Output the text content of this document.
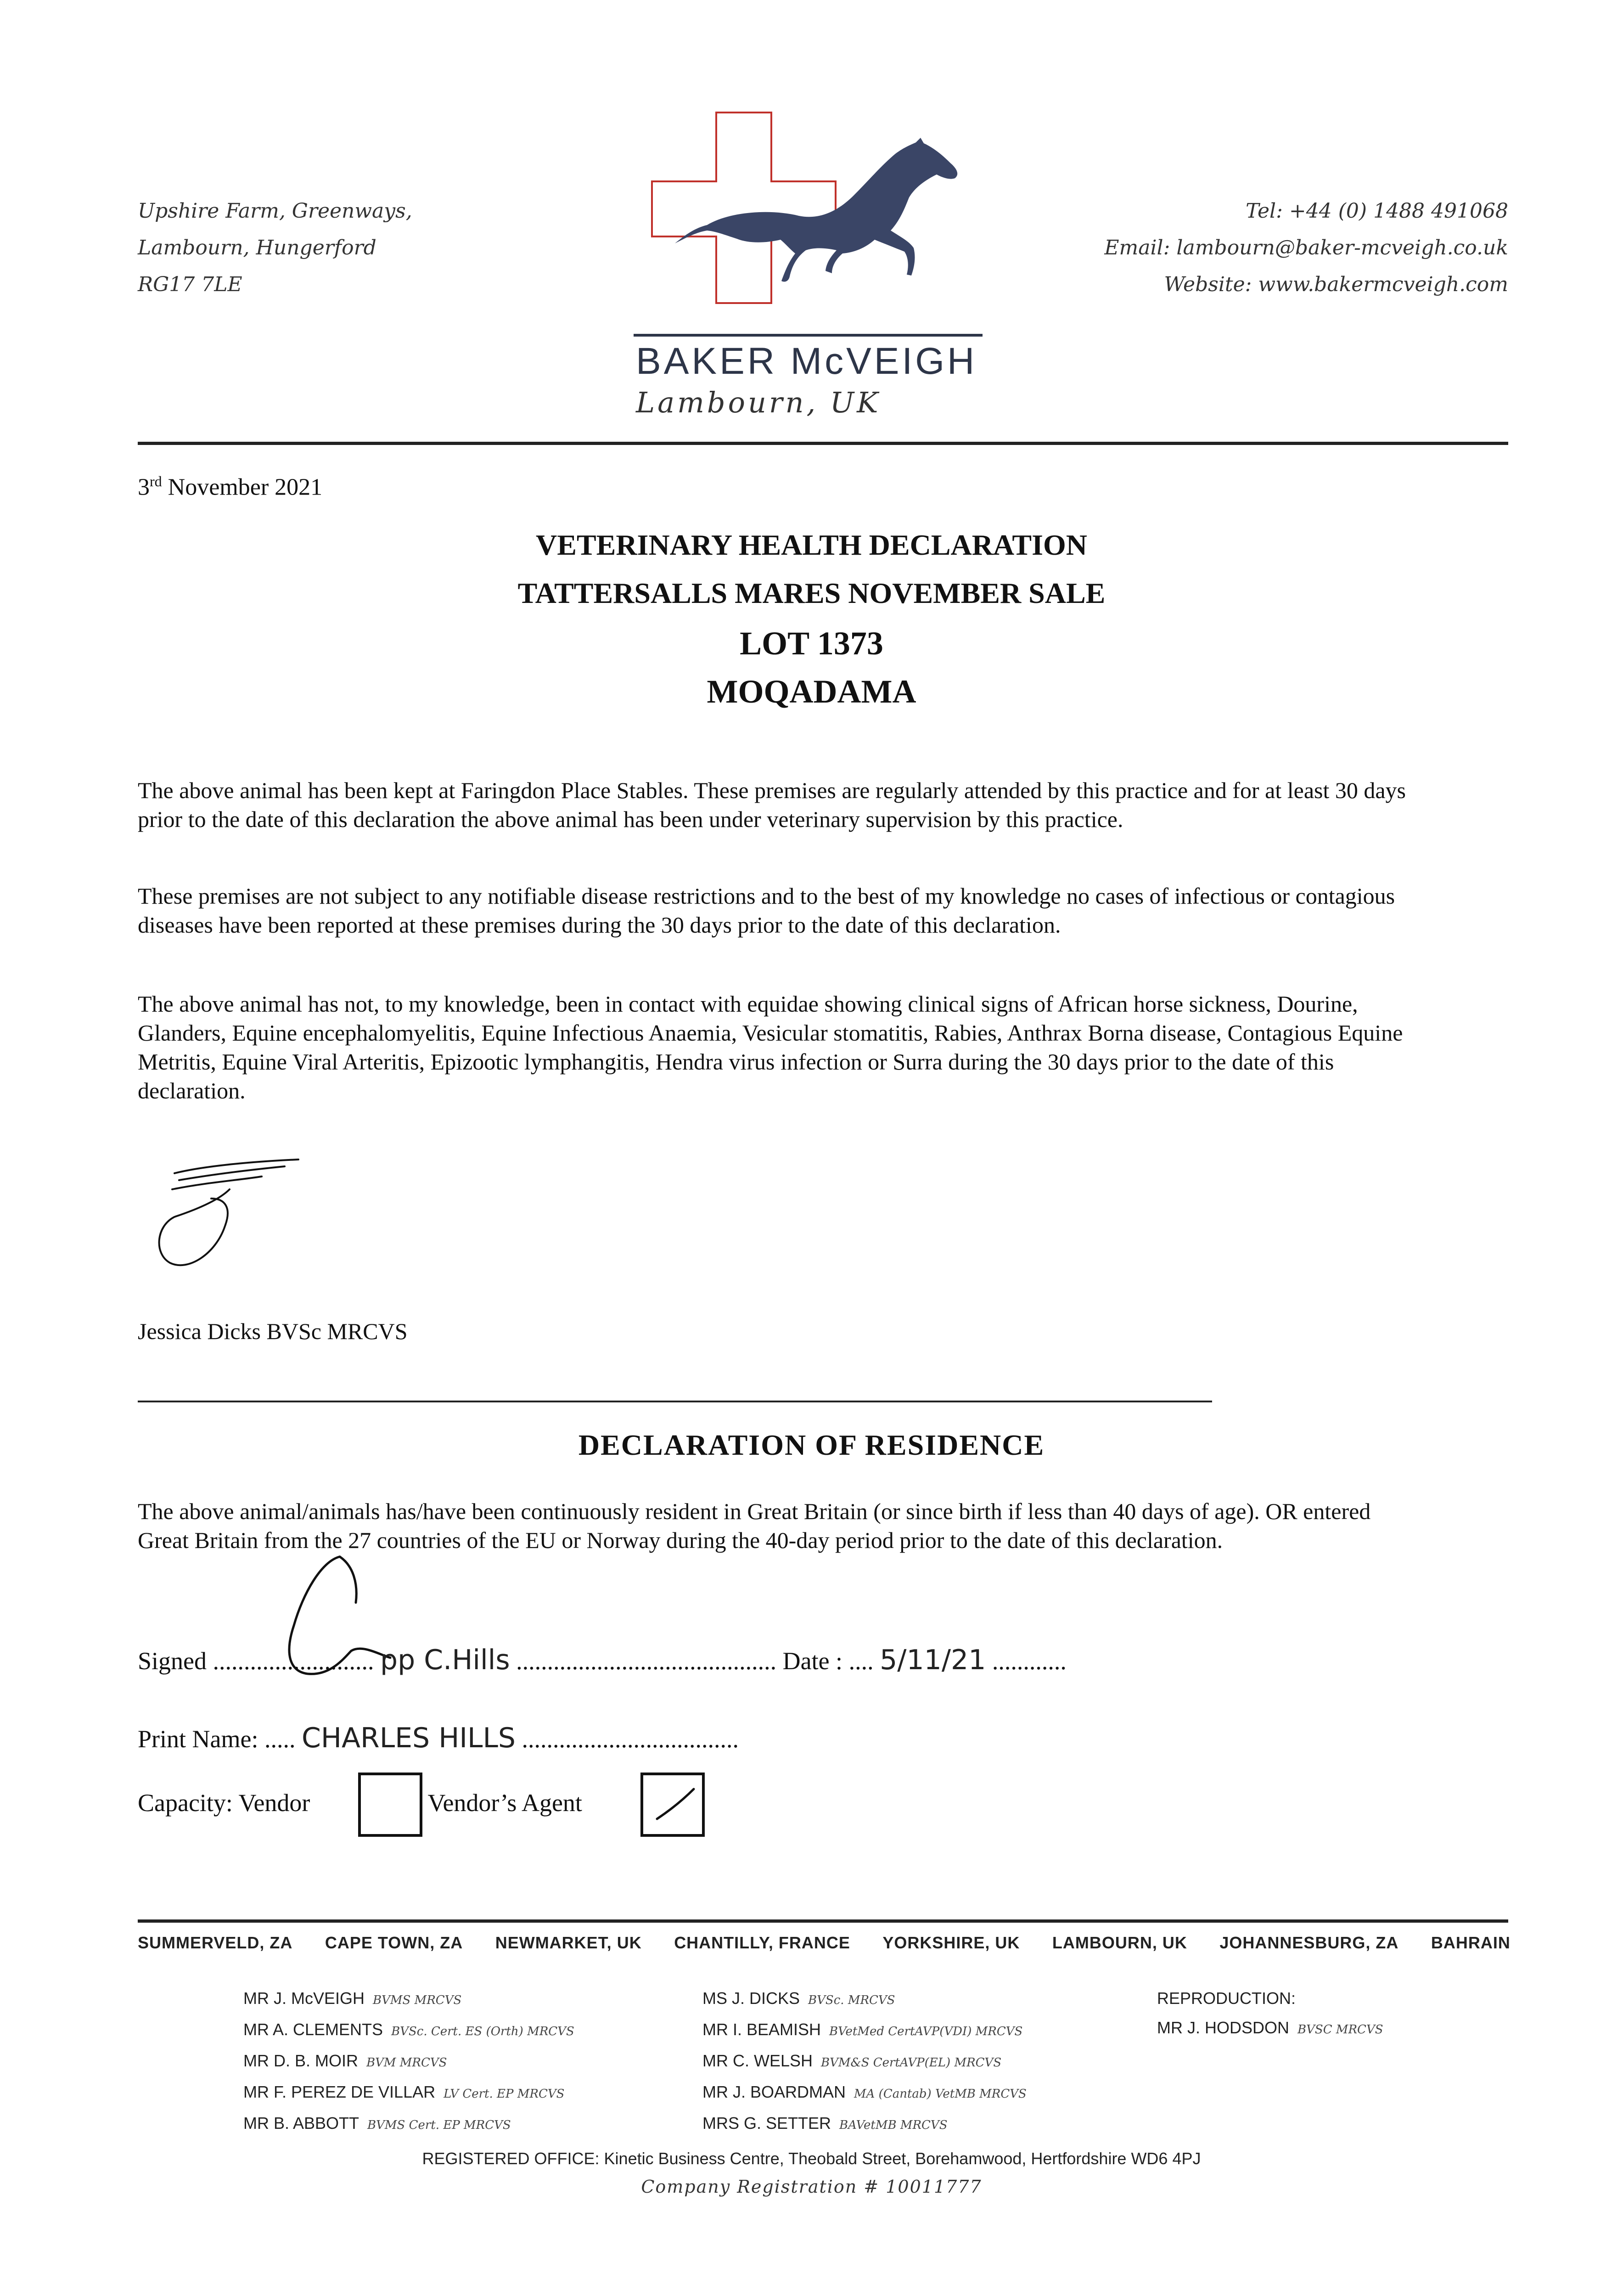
Upshire Farm, Greenways,
Lambourn, Hungerford
RG17 7LE
BAKER McVEIGH
Lambourn, UK
Tel: +44 (0) 1488 491068
Email: lambourn@baker-mcveigh.co.uk
Website: www.bakermcveigh.com
3rd November 2021
VETERINARY HEALTH DECLARATION
TATTERSALLS MARES NOVEMBER SALE
LOT 1373
MOQADAMA
The above animal has been kept at Faringdon Place Stables. These premises are regularly attended by this practice and for at least 30 days prior to the date of this declaration the above animal has been under veterinary supervision by this practice.
These premises are not subject to any notifiable disease restrictions and to the best of my knowledge no cases of infectious or contagious diseases have been reported at these premises during the 30 days prior to the date of this declaration.
The above animal has not, to my knowledge, been in contact with equidae showing clinical signs of African horse sickness, Dourine, Glanders, Equine encephalomyelitis, Equine Infectious Anaemia, Vesicular stomatitis, Rabies, Anthrax Borna disease, Contagious Equine Metritis, Equine Viral Arteritis, Epizootic lymphangitis, Hendra virus infection or Surra during the 30 days prior to the date of this declaration.
Jessica Dicks BVSc MRCVS
DECLARATION OF RESIDENCE
The above animal/animals has/have been continuously resident in Great Britain (or since birth if less than 40 days of age). OR entered Great Britain from the 27 countries of the EU or Norway during the 40-day period prior to the date of this declaration.
Signed .......................... pp C.Hills .......................................... Date : .... 5/11/21 ............
Print Name: ..... CHARLES HILLS ...................................
Capacity: Vendor	Vendor’s Agent
SUMMERVELD, ZA CAPE TOWN, ZA NEWMARKET, UK CHANTILLY, FRANCE YORKSHIRE, UK LAMBOURN, UK JOHANNESBURG, ZA BAHRAIN
MR J. McVEIGH BVMS MRCVS
MR A. CLEMENTS BVSc. Cert. ES (Orth) MRCVS
MR D. B. MOIR BVM MRCVS
MR F. PEREZ DE VILLAR LV Cert. EP MRCVS
MR B. ABBOTT BVMS Cert. EP MRCVS
MS J. DICKS BVSc. MRCVS
MR I. BEAMISH BVetMed CertAVP(VDI) MRCVS
MR C. WELSH BVM&S CertAVP(EL) MRCVS
MR J. BOARDMAN MA (Cantab) VetMB MRCVS
MRS G. SETTER BAVetMB MRCVS
REPRODUCTION:
MR J. HODSDON BVSC MRCVS
REGISTERED OFFICE: Kinetic Business Centre, Theobald Street, Borehamwood, Hertfordshire WD6 4PJ
Company Registration # 10011777
